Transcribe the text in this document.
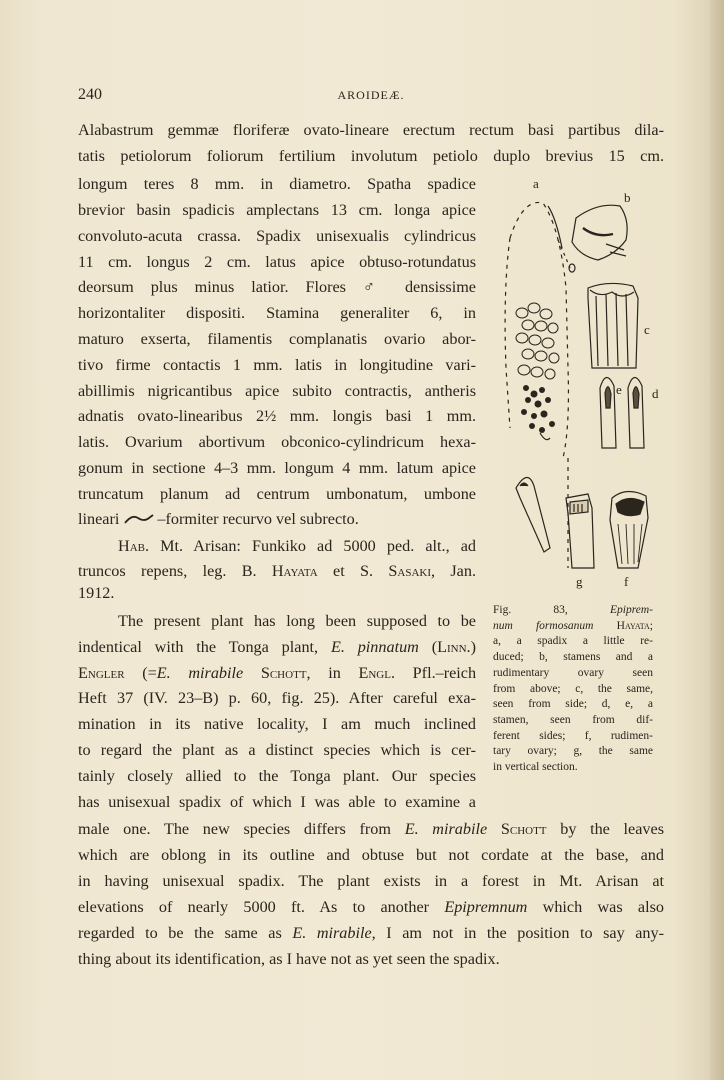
240	AROIDEÆ.
Alabastrum gemmæ floriferæ ovato-lineare erectum rectum basi partibus dila-
tatis petiolorum foliorum fertilium involutum petiolo duplo brevius 15 cm.
longum teres 8 mm. in diametro. Spatha spadice
brevior basin spadicis amplectans 13 cm. longa apice
convoluto-acuta crassa. Spadix unisexualis cylindricus
11 cm. longus 2 cm. latus apice obtuso-rotundatus
deorsum plus minus latior. Flores ♂ densissime
horizontaliter dispositi. Stamina generaliter 6, in
maturo exserta, filamentis complanatis ovario abor-
tivo firme contactis 1 mm. latis in longitudine vari-
abillimis nigricantibus apice subito contractis, antheris
adnatis ovato-linearibus 2½ mm. longis basi 1 mm.
latis. Ovarium abortivum obconico-cylindricum hexa-
gonum in sectione 4–3 mm. longum 4 mm. latum apice
truncatum planum ad centrum umbonatum, umbone
lineari –formiter recurvo vel subrecto.
Hab. Mt. Arisan: Funkiko ad 5000 ped. alt., ad
truncos repens, leg. B. Hayata et S. Sasaki, Jan.
1912.
The present plant has long been supposed to be
indentical with the Tonga plant, E. pinnatum (Linn.)
Engler (=E. mirabile Schott, in Engl. Pfl.–reich
Heft 37 (IV. 23–B) p. 60, fig. 25). After careful exa-
mination in its native locality, I am much inclined
to regard the plant as a distinct species which is cer-
tainly closely allied to the Tonga plant. Our species
has unisexual spadix of which I was able to examine a
male one. The new species differs from E. mirabile Schott by the leaves
which are oblong in its outline and obtuse but not cordate at the base, and
in having unisexual spadix. The plant exists in a forest in Mt. Arisan at
elevations of nearly 5000 ft. As to another Epipremnum which was also
regarded to be the same as E. mirabile, I am not in the position to say any-
thing about its identification, as I have not as yet seen the spadix.
a
b
c
d
e
f
g
Fig. 83,	Epiprem-
num formosanum Hayata;
a, a spadix a little re-
duced; b, stamens and a
rudimentary ovary seen
from above; c, the same,
seen from side; d, e, a
stamen, seen from dif-
ferent sides; f, rudimen-
tary ovary; g, the same
in vertical section.
